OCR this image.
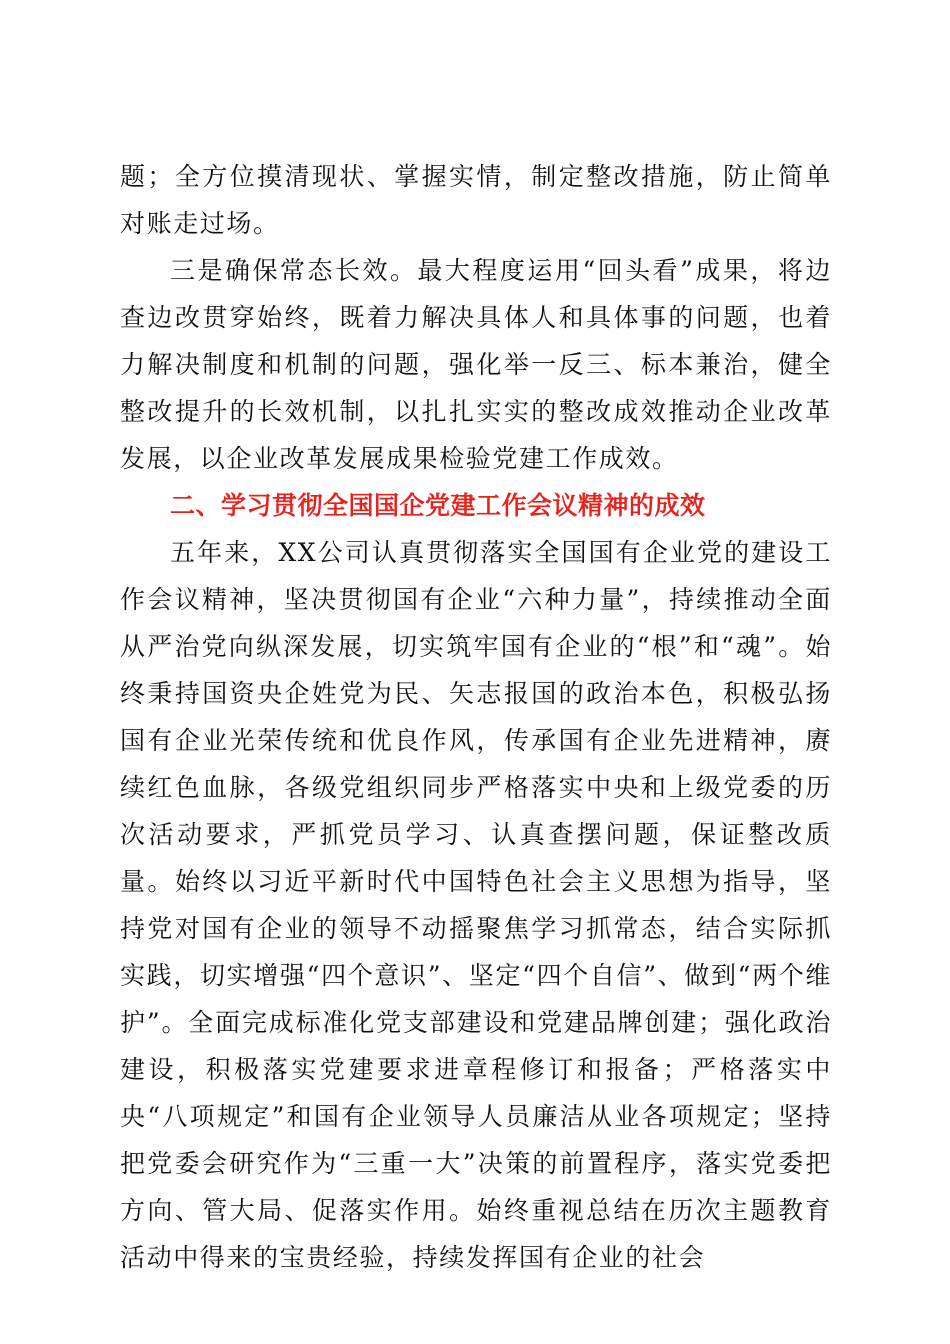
题；全方位摸清现状、掌握实情，制定整改措施，防止简单对账走过场。

三是确保常态长效。最大程度运用“回头看”成果，将边查边改贯穿始终，既着力解决具体人和具体事的问题，也着力解决制度和机制的问题，强化举一反三、标本兼治，健全整改提升的长效机制，以扎扎实实的整改成效推动企业改革发展，以企业改革发展成果检验党建工作成效。

二、学习贯彻全国国企党建工作会议精神的成效

五年来，XX公司认真贯彻落实全国国有企业党的建设工作会议精神，坚决贯彻国有企业“六种力量”，持续推动全面从严治党向纵深发展，切实筑牢国有企业的“根”和“魂”。始终秉持国资央企姓党为民、矢志报国的政治本色，积极弘扬国有企业光荣传统和优良作风，传承国有企业先进精神，赓续红色血脉，各级党组织同步严格落实中央和上级党委的历次活动要求，严抓党员学习、认真查摆问题，保证整改质量。始终以习近平新时代中国特色社会主义思想为指导，坚持党对国有企业的领导不动摇聚焦学习抓常态，结合实际抓实践，切实增强“四个意识”、坚定“四个自信”、做到“两个维护”。全面完成标准化党支部建设和党建品牌创建；强化政治建设，积极落实党建要求进章程修订和报备；严格落实中央“八项规定”和国有企业领导人员廉洁从业各项规定；坚持把党委会研究作为“三重一大”决策的前置程序，落实党委把方向、管大局、促落实作用。始终重视总结在历次主题教育活动中得来的宝贵经验，持续发挥国有企业的社会
